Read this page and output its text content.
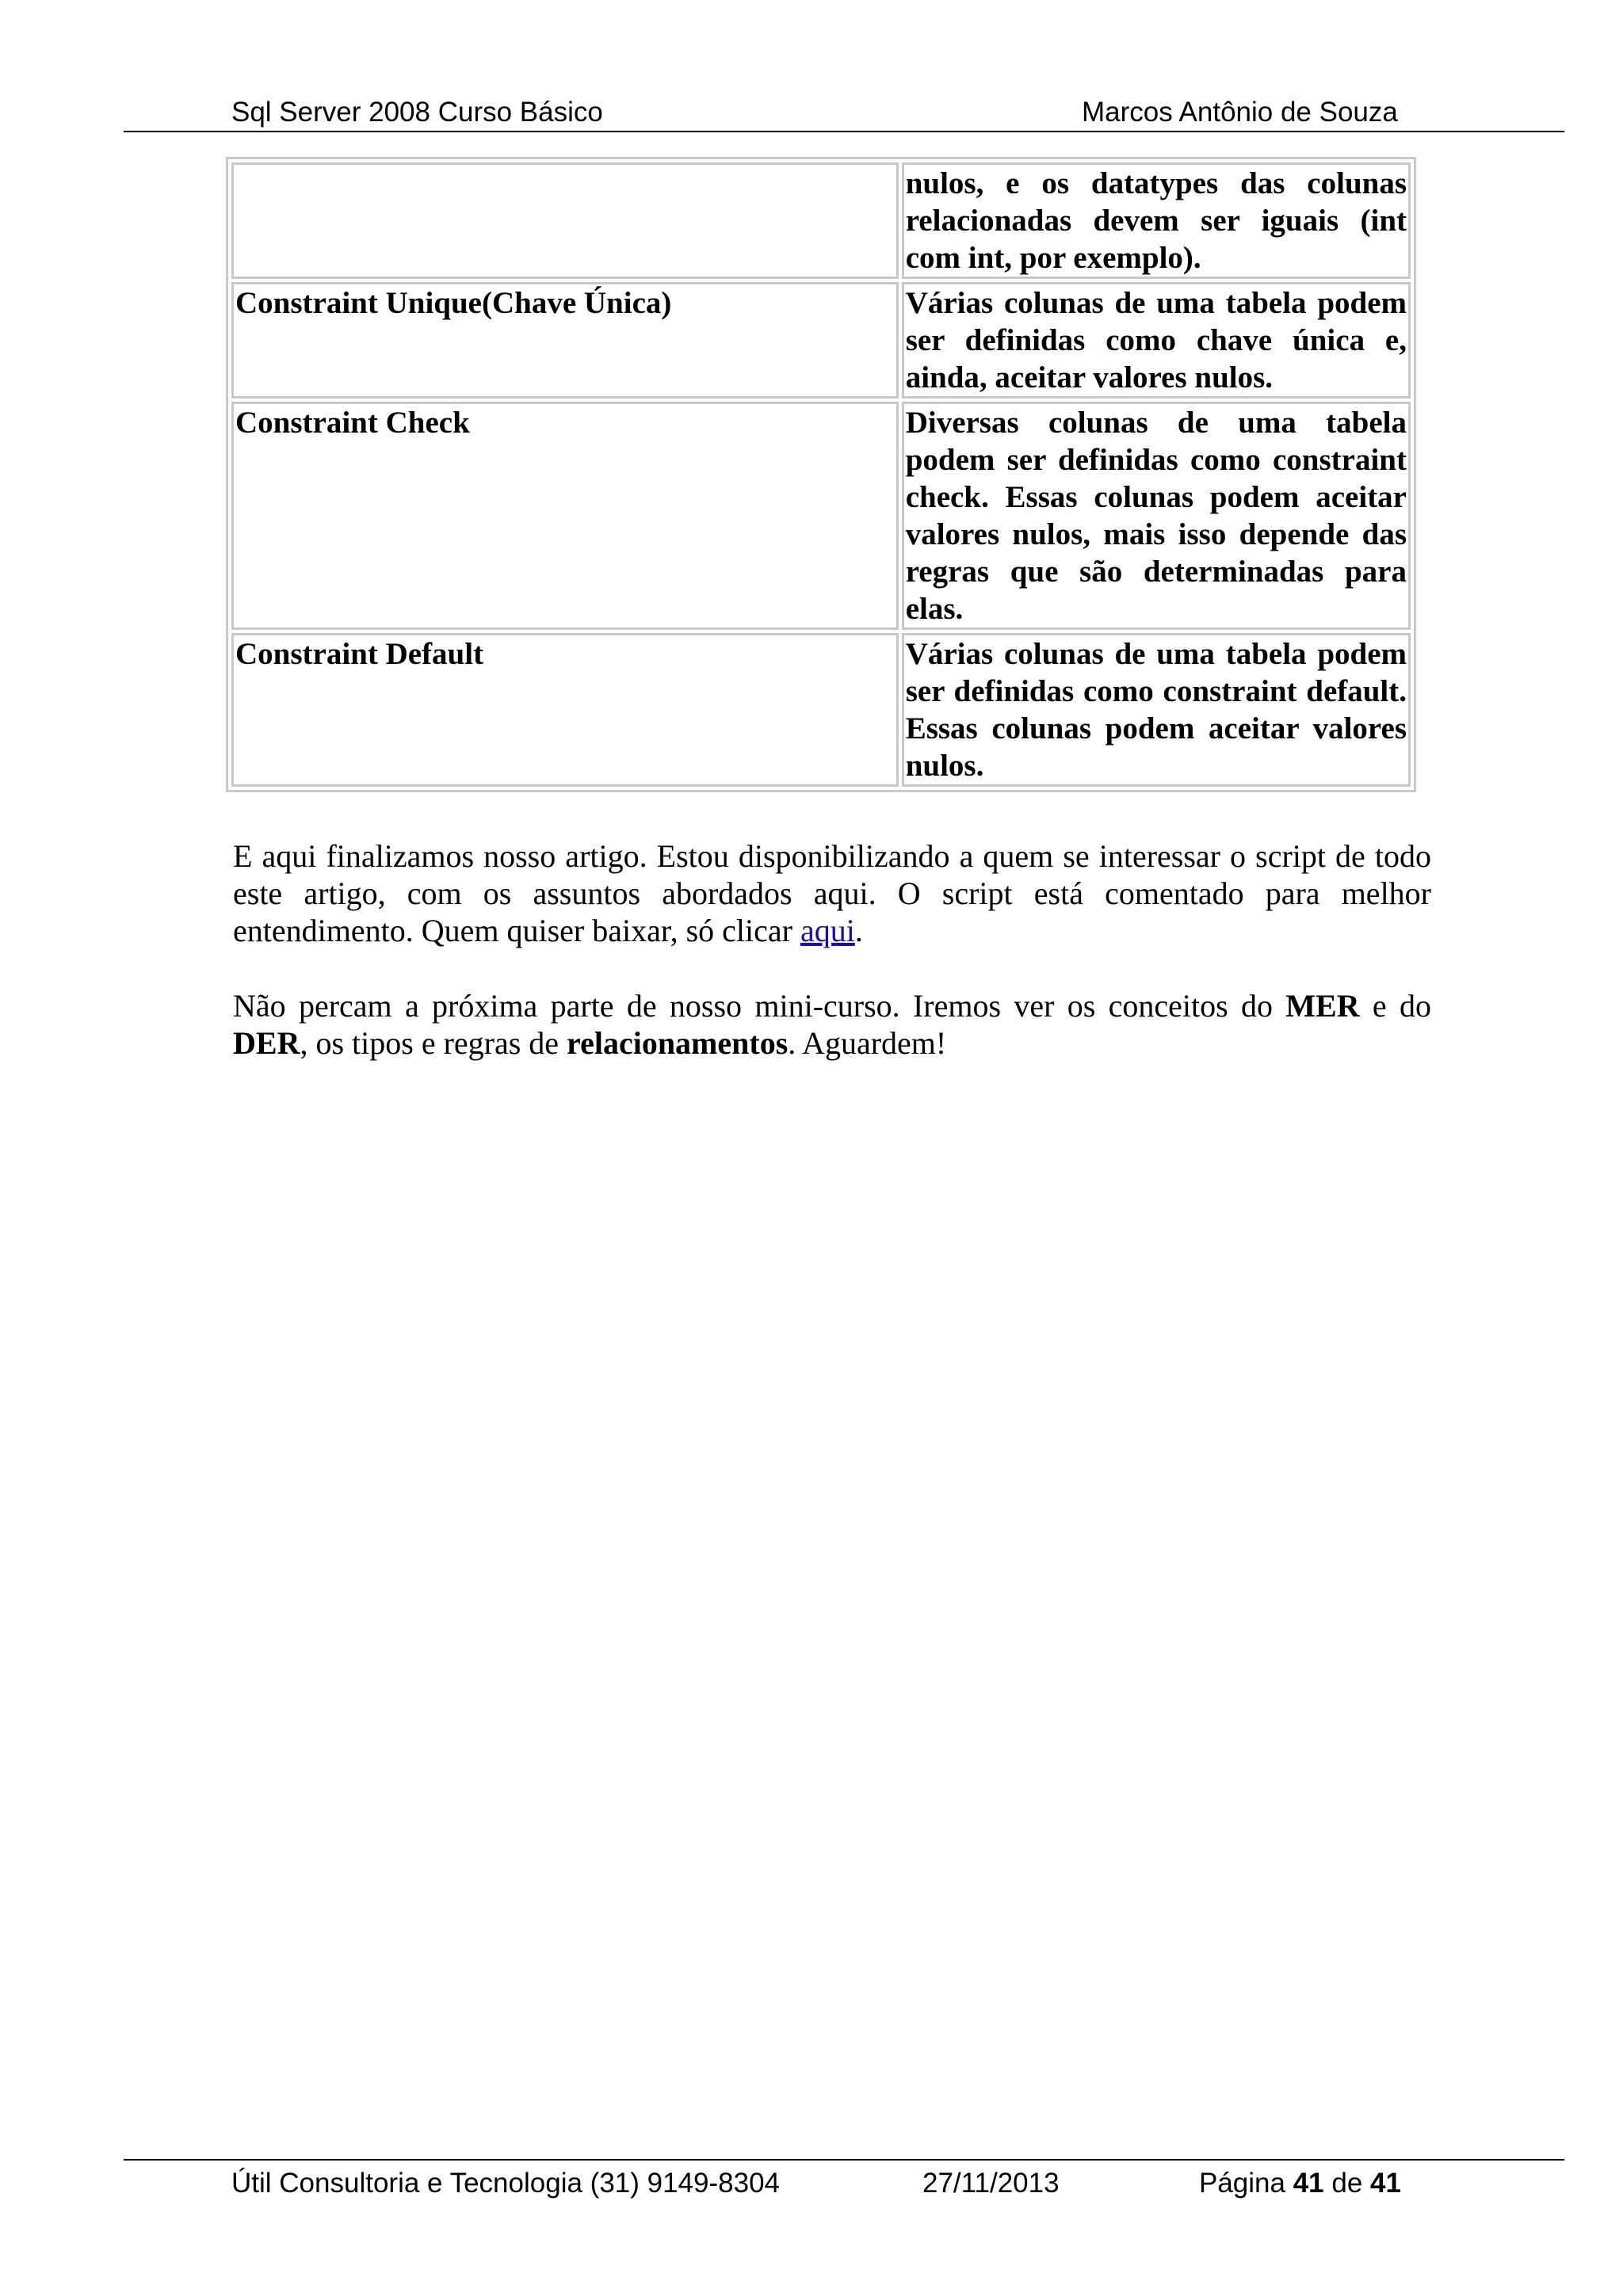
Sql Server 2008 Curso Básico	Marcos Antônio de Souza
	nulos, e os datatypes das colunas relacionadas devem ser iguais (int com int, por exemplo).
Constraint Unique(Chave Única)	Várias colunas de uma tabela podem ser definidas como chave única e, ainda, aceitar valores nulos.
Constraint Check	Diversas colunas de uma tabela podem ser definidas como constraint check. Essas colunas podem aceitar valores nulos, mais isso depende das regras que são determinadas para elas.
Constraint Default	Várias colunas de uma tabela podem ser definidas como constraint default. Essas colunas podem aceitar valores nulos.

E aqui finalizamos nosso artigo. Estou disponibilizando a quem se interessar o script de todo este artigo, com os assuntos abordados aqui. O script está comentado para melhor entendimento. Quem quiser baixar, só clicar aqui.

Não percam a próxima parte de nosso mini-curso. Iremos ver os conceitos do MER e do DER, os tipos e regras de relacionamentos. Aguardem!

Útil Consultoria e Tecnologia (31) 9149-8304	27/11/2013	Página 41 de 41
